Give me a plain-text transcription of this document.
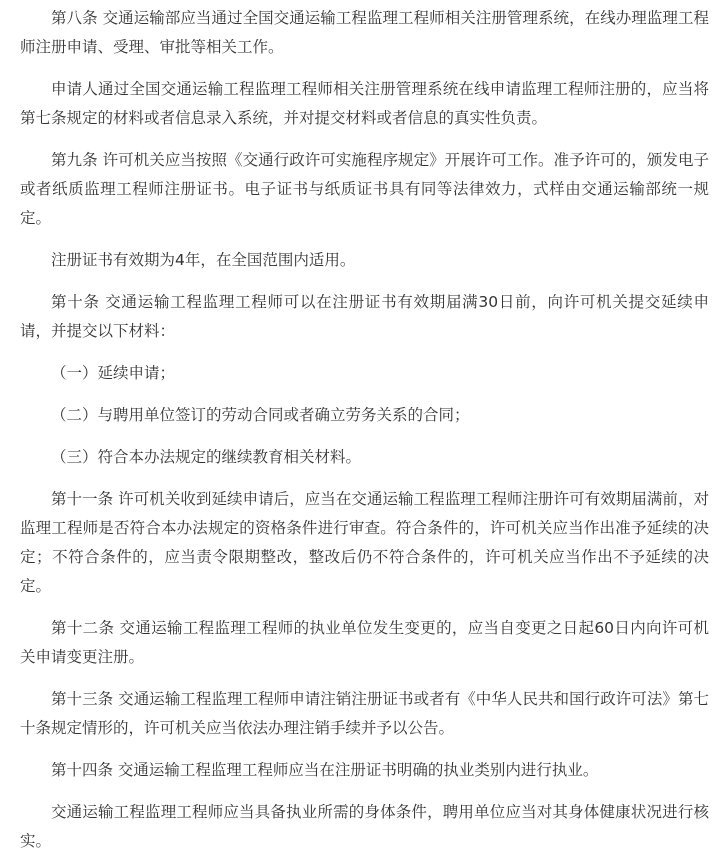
第八条 交通运输部应当通过全国交通运输工程监理工程师相关注册管理系统，在线办理监理工程师注册申请、受理、审批等相关工作。

申请人通过全国交通运输工程监理工程师相关注册管理系统在线申请监理工程师注册的，应当将第七条规定的材料或者信息录入系统，并对提交材料或者信息的真实性负责。

第九条 许可机关应当按照《交通行政许可实施程序规定》开展许可工作。准予许可的，颁发电子或者纸质监理工程师注册证书。电子证书与纸质证书具有同等法律效力，式样由交通运输部统一规定。

注册证书有效期为4年，在全国范围内适用。

第十条 交通运输工程监理工程师可以在注册证书有效期届满30日前，向许可机关提交延续申请，并提交以下材料：

（一）延续申请；

（二）与聘用单位签订的劳动合同或者确立劳务关系的合同；

（三）符合本办法规定的继续教育相关材料。

第十一条 许可机关收到延续申请后，应当在交通运输工程监理工程师注册许可有效期届满前，对监理工程师是否符合本办法规定的资格条件进行审查。符合条件的，许可机关应当作出准予延续的决定；不符合条件的，应当责令限期整改，整改后仍不符合条件的，许可机关应当作出不予延续的决定。

第十二条 交通运输工程监理工程师的执业单位发生变更的，应当自变更之日起60日内向许可机关申请变更注册。

第十三条 交通运输工程监理工程师申请注销注册证书或者有《中华人民共和国行政许可法》第七十条规定情形的，许可机关应当依法办理注销手续并予以公告。

第十四条 交通运输工程监理工程师应当在注册证书明确的执业类别内进行执业。

交通运输工程监理工程师应当具备执业所需的身体条件，聘用单位应当对其身体健康状况进行核实。
